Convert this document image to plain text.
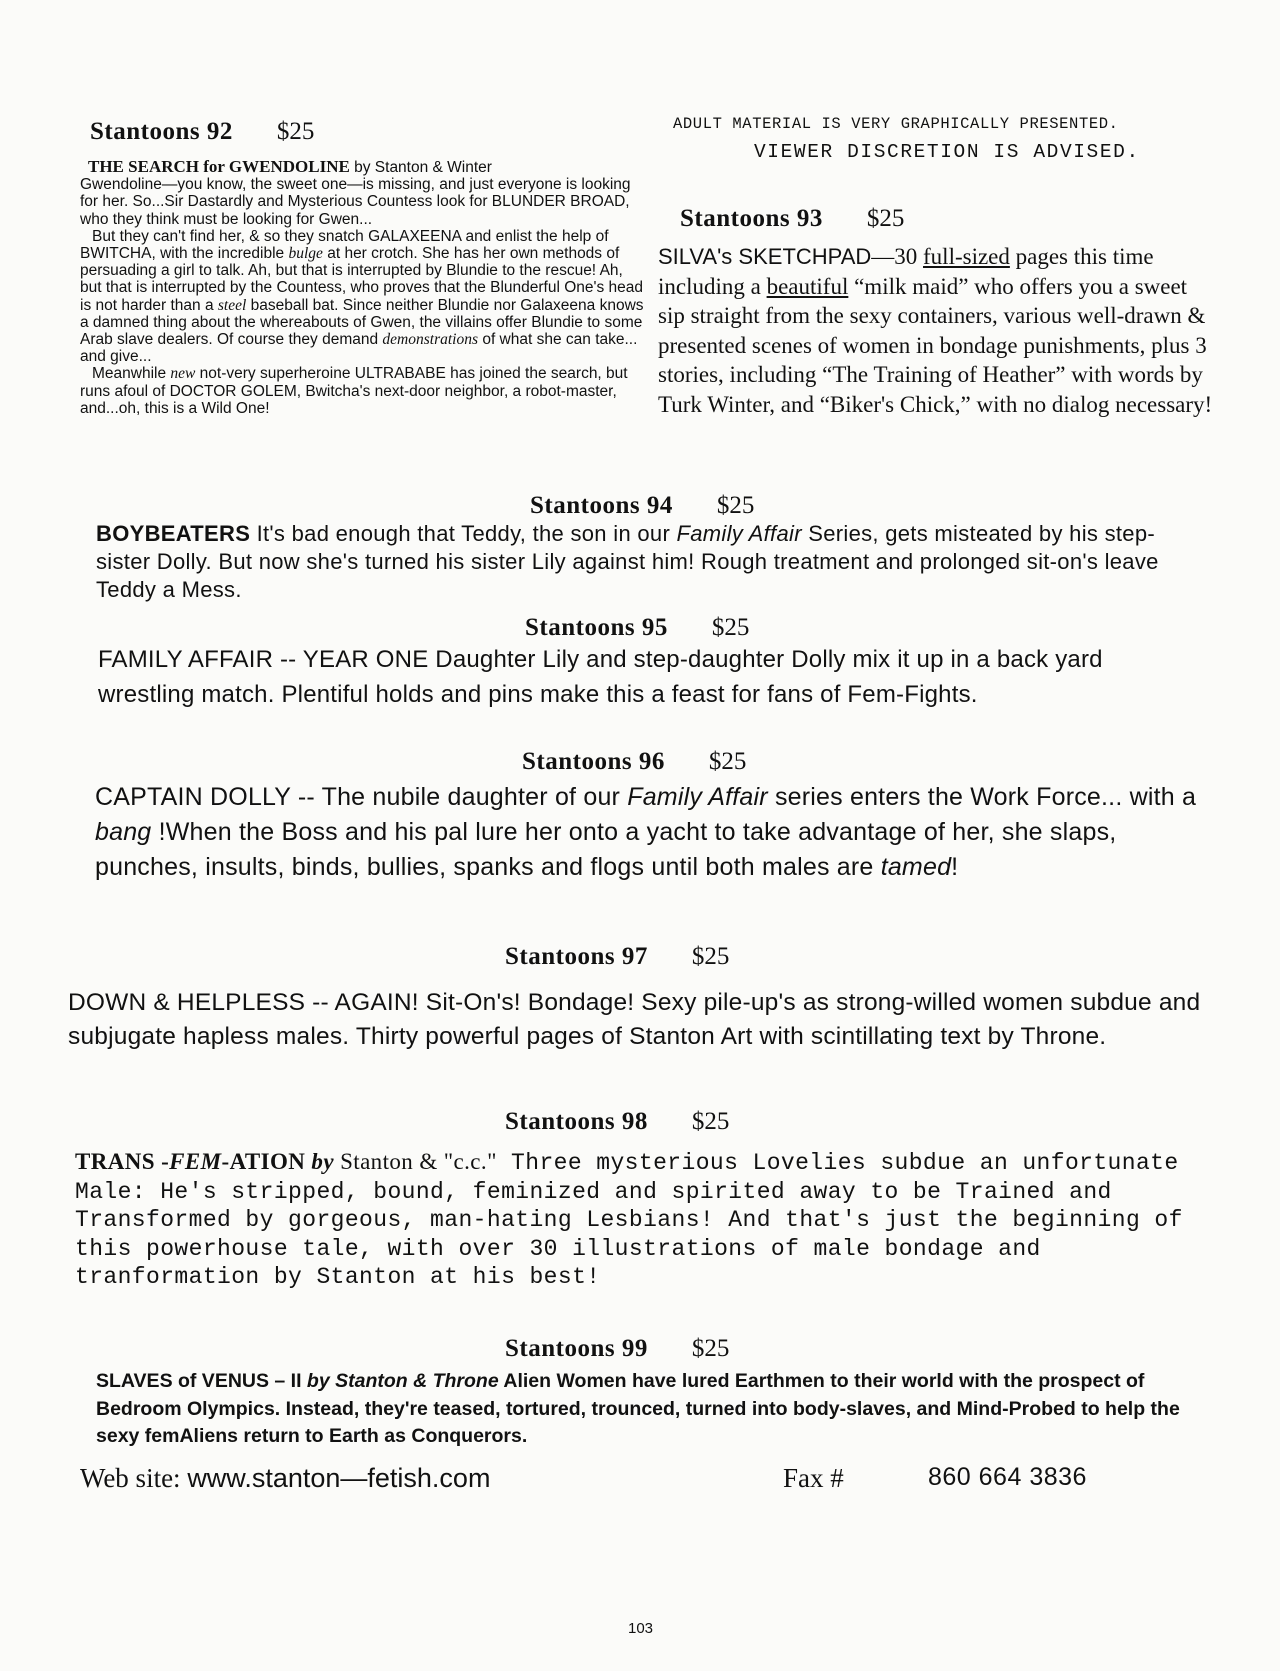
Stantoons 92 $25

THE SEARCH for GWENDOLINE by Stanton & Winter

Gwendoline—you know, the sweet one—is missing, and just everyone is looking for her. So...Sir Dastardly and Mysterious Countess look for BLUNDER BROAD, who they think must be looking for Gwen...

But they can't find her, & so they snatch GALAXEENA and enlist the help of BWITCHA, with the incredible bulge at her crotch. She has her own methods of persuading a girl to talk. Ah, but that is interrupted by Blundie to the rescue! Ah, but that is interrupted by the Countess, who proves that the Blunderful One's head is not harder than a steel baseball bat. Since neither Blundie nor Galaxeena knows a damned thing about the whereabouts of Gwen, the villains offer Blundie to some Arab slave dealers. Of course they demand demonstrations of what she can take... and give...

Meanwhile new not-very superheroine ULTRABABE has joined the search, but runs afoul of DOCTOR GOLEM, Bwitcha's next-door neighbor, a robot-master, and...oh, this is a Wild One!

ADULT MATERIAL IS VERY GRAPHICALLY PRESENTED.
VIEWER DISCRETION IS ADVISED.
Stantoons 93 $25
SILVA's SKETCHPAD—30 full-sized pages this time including a beautiful “milk maid” who offers you a sweet sip straight from the sexy containers, various well-drawn & presented scenes of women in bondage punishments, plus 3 stories, including “The Training of Heather” with words by Turk Winter, and “Biker's Chick,” with no dialog necessary!
Stantoons 94 $25
BOYBEATERS It's bad enough that Teddy, the son in our Family Affair Series, gets misteated by his step-sister Dolly. But now she's turned his sister Lily against him! Rough treatment and prolonged sit-on's leave Teddy a Mess.
Stantoons 95 $25
FAMILY AFFAIR -- YEAR ONE Daughter Lily and step-daughter Dolly mix it up in a back yard wrestling match. Plentiful holds and pins make this a feast for fans of Fem-Fights.
Stantoons 96 $25
CAPTAIN DOLLY -- The nubile daughter of our Family Affair series enters the Work Force... with a bang !When the Boss and his pal lure her onto a yacht to take advantage of her, she slaps, punches, insults, binds, bullies, spanks and flogs until both males are tamed!
Stantoons 97 $25
DOWN & HELPLESS -- AGAIN! Sit-On's! Bondage! Sexy pile-up's as strong-willed women subdue and subjugate hapless males. Thirty powerful pages of Stanton Art with scintillating text by Throne.
Stantoons 98 $25
TRANS -FEM-ATION by Stanton & "c.c." Three mysterious Lovelies subdue an unfortunate Male: He's stripped, bound, feminized and spirited away to be Trained and Transformed by gorgeous, man-hating Lesbians! And that's just the beginning of this powerhouse tale, with over 30 illustrations of male bondage and tranformation by Stanton at his best!
Stantoons 99 $25
SLAVES of VENUS – II by Stanton & Throne Alien Women have lured Earthmen to their world with the prospect of Bedroom Olympics. Instead, they're teased, tortured, trounced, turned into body-slaves, and Mind-Probed to help the sexy femAliens return to Earth as Conquerors.
Web site: www.stanton—fetish.com	Fax #	860 664 3836
103
